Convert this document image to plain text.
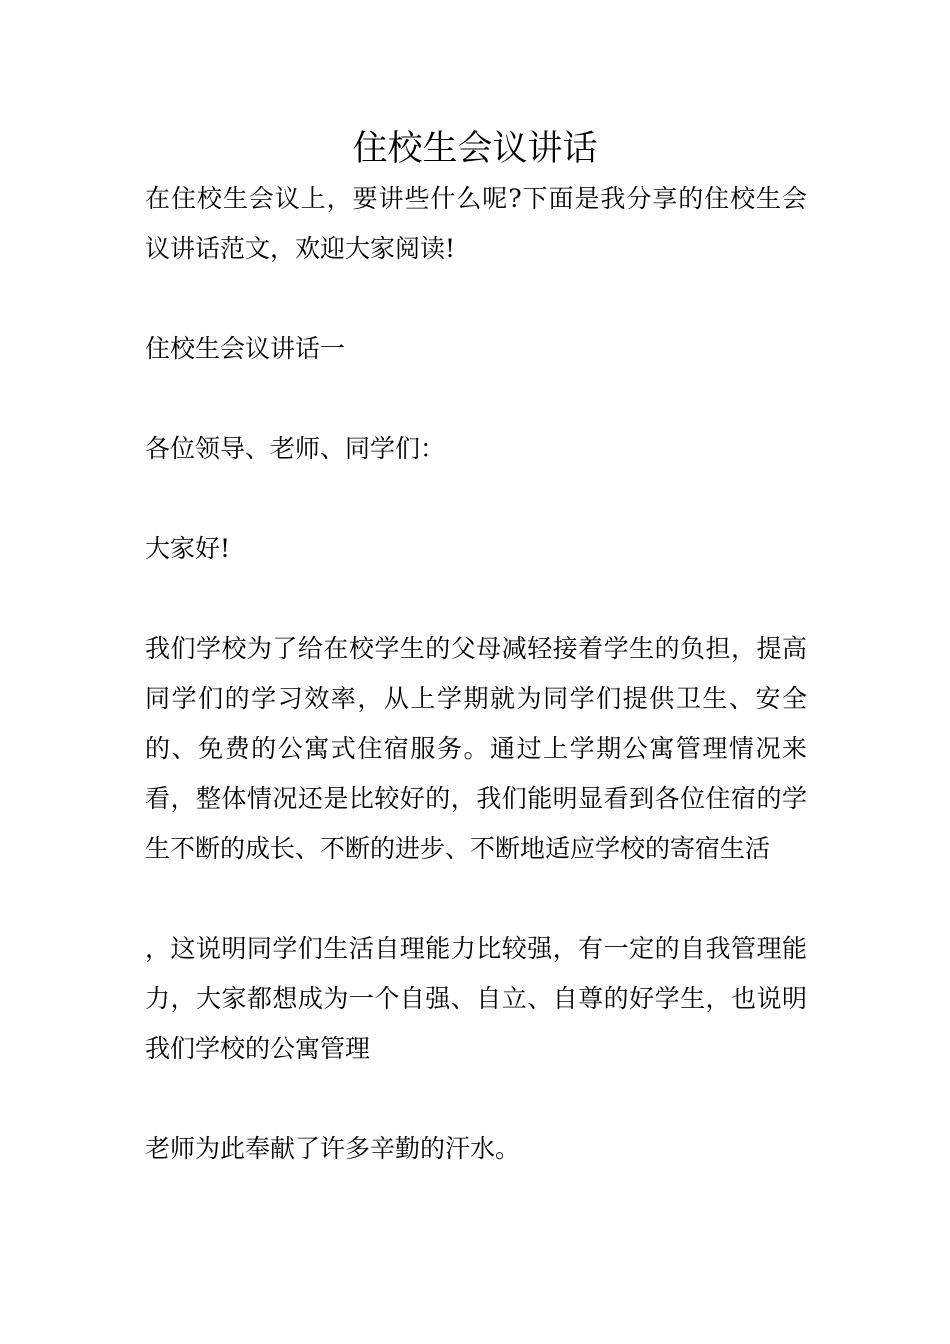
住校生会议讲话

在住校生会议上，要讲些什么呢?下面是我分享的住校生会议讲话范文，欢迎大家阅读!

住校生会议讲话一

各位领导、老师、同学们：

大家好!

我们学校为了给在校学生的父母减轻接着学生的负担，提高同学们的学习效率，从上学期就为同学们提供卫生、安全的、免费的公寓式住宿服务。通过上学期公寓管理情况来看，整体情况还是比较好的，我们能明显看到各位住宿的学生不断的成长、不断的进步、不断地适应学校的寄宿生活

，这说明同学们生活自理能力比较强，有一定的自我管理能力，大家都想成为一个自强、自立、自尊的好学生，也说明我们学校的公寓管理

老师为此奉献了许多辛勤的汗水。
